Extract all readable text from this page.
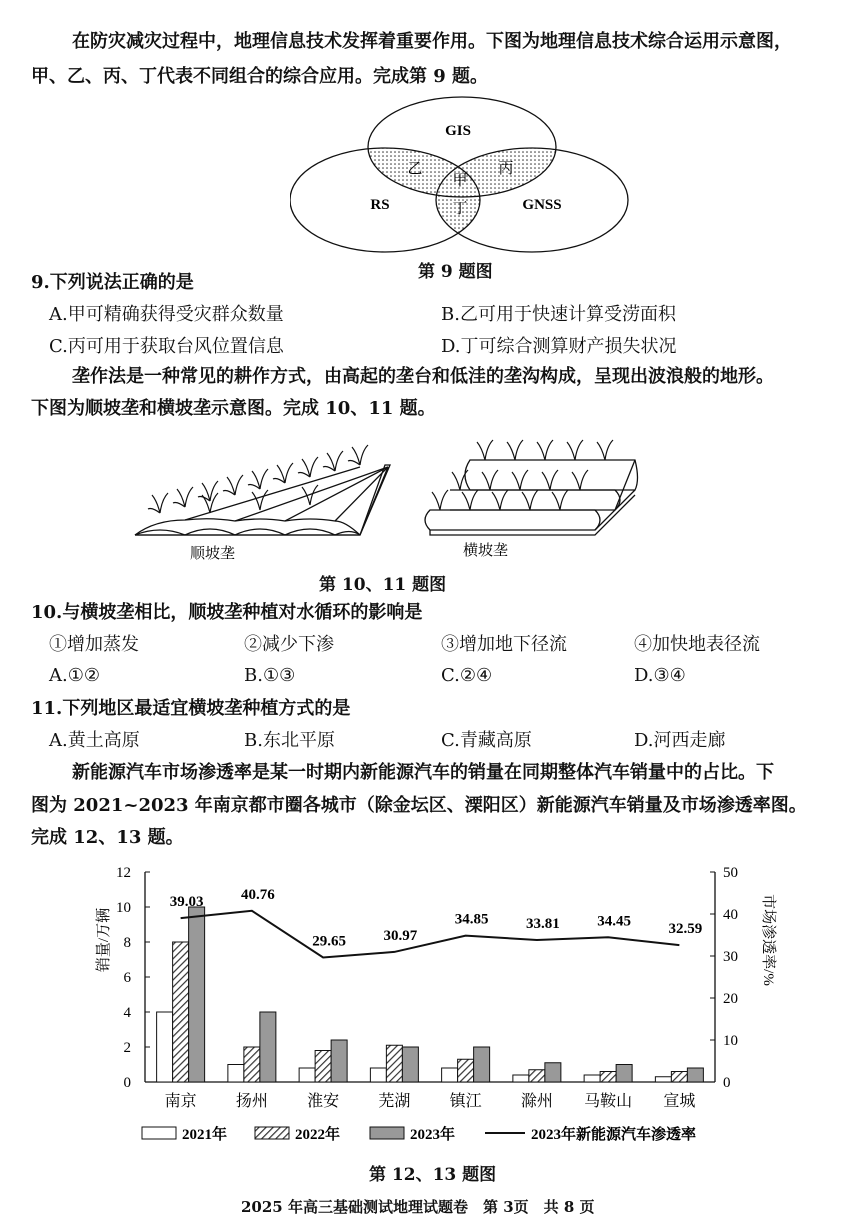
在防灾减灾过程中，地理信息技术发挥着重要作用。下图为地理信息技术综合运用示意图，
甲、乙、丙、丁代表不同组合的综合应用。完成第 9 题。
GIS
RS	GNSS
乙
甲
丙
丁
第 9 题图
9.下列说法正确的是
A.甲可精确获得受灾群众数量	B.乙可用于快速计算受涝面积
C.丙可用于获取台风位置信息	D.丁可综合测算财产损失状况
垄作法是一种常见的耕作方式，由高起的垄台和低洼的垄沟构成，呈现出波浪般的地形。
下图为顺坡垄和横坡垄示意图。完成 10、11 题。
顺坡垄	横坡垄
第 10、11 题图
10.与横坡垄相比，顺坡垄种植对水循环的影响是
①增加蒸发	②减少下渗	③增加地下径流	④加快地表径流
A.①②	B.①③	C.②④	D.③④
11.下列地区最适宜横坡垄种植方式的是
A.黄土高原	B.东北平原	C.青藏高原	D.河西走廊
新能源汽车市场渗透率是某一时期内新能源汽车的销量在同期整体汽车销量中的占比。下
图为 2021~2023 年南京都市圈各城市（除金坛区、溧阳区）新能源汽车销量及市场渗透率图。
完成 12、13 题。
0
2
4
6
8
10
12
0
10
20
30
40
50
南京 扬州 淮安 芜湖 镇江 滁州 马鞍山 宣城
39.03	40.76
29.65	30.97
34.85	33.81	34.45	32.59
2021年	2022年	2023年	2023年新能源汽车渗透率
销量/万辆	市场渗透率/%
第 12、13 题图
2025 年高三基础测试地理试题卷　第 3页　共 8 页
